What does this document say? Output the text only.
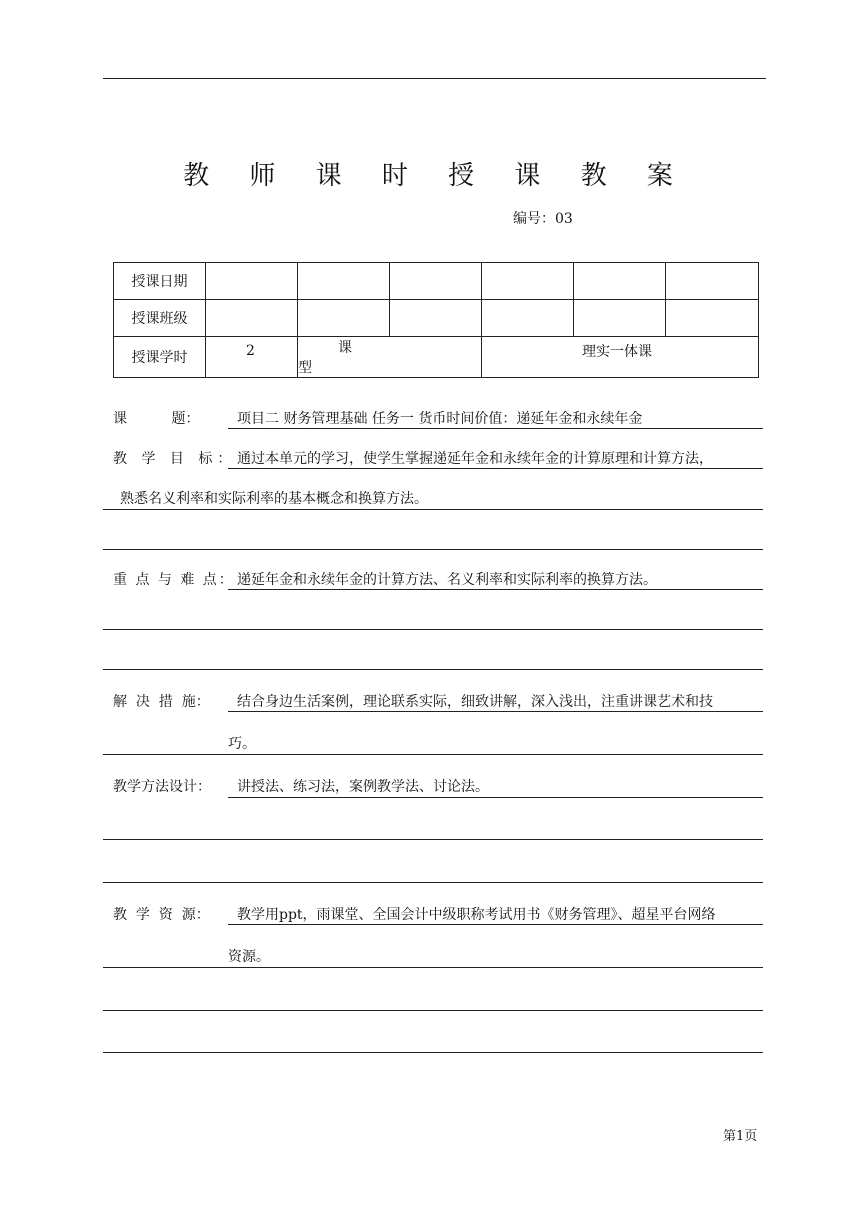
教 师 课 时 授 课 教 案
编号：03
授课日期						
授课班级						
授课学时	2	课 型		理实一体课		
课          题：	项目二 财务管理基础 任务一 货币时间价值：递延年金和永续年金
教 学 目 标： 通过本单元的学习，使学生掌握递延年金和永续年金的计算原理和计算方法，
熟悉名义利率和实际利率的基本概念和换算方法。
重 点 与 难 点： 递延年金和永续年金的计算方法、名义利率和实际利率的换算方法。
解  决  措  施： 结合身边生活案例，理论联系实际，细致讲解，深入浅出，注重讲课艺术和技
巧。
教学方法设计： 讲授法、练习法，案例教学法、讨论法。
教  学  资  源： 教学用ppt，雨课堂、全国会计中级职称考试用书《财务管理》、超星平台网络
资源。
第1页
